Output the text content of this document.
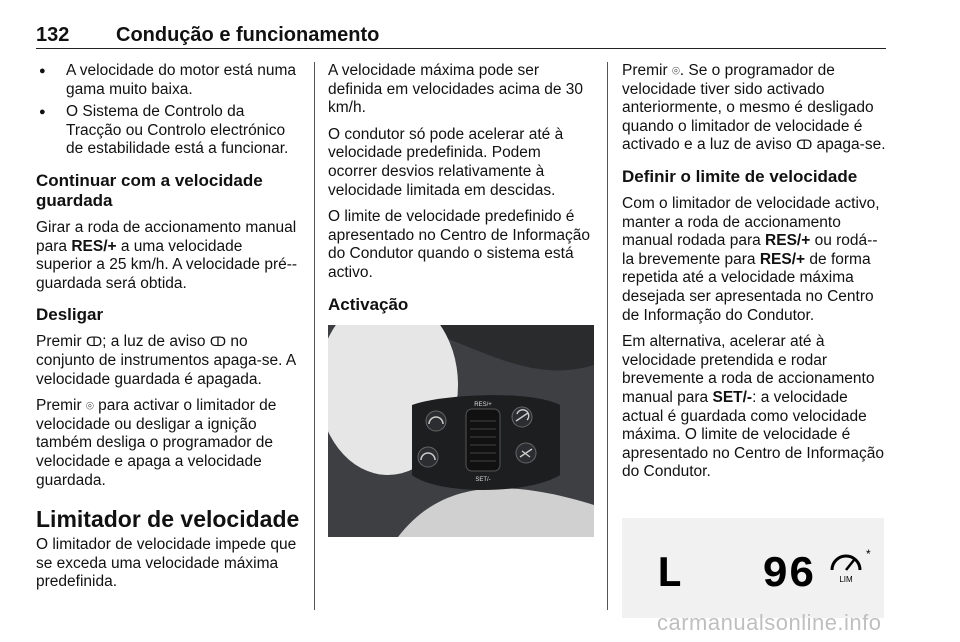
132 Condução e funcionamento
● A velocidade do motor está numa gama muito baixa.
● O Sistema de Controlo da Tracção ou Controlo electrónico de estabilidade está a funcionar.
Continuar com a velocidade guardada

Girar a roda de accionamento manual para RES/+ a uma velocidade superior a 25 km/h. A velocidade pré--guardada será obtida.

Desligar

Premir ↀ; a luz de aviso ↀ no conjunto de instrumentos apaga-se. A velocidade guardada é apagada.

Premir ⌾ para activar o limitador de velocidade ou desligar a ignição também desliga o programador de velocidade e apaga a velocidade guardada.

Limitador de velocidade

O limitador de velocidade impede que se exceda uma velocidade máxima predefinida.

A velocidade máxima pode ser definida em velocidades acima de 30 km/h.

O condutor só pode acelerar até à velocidade predefinida. Podem ocorrer desvios relativamente à velocidade limitada em descidas.

O limite de velocidade predefinido é apresentado no Centro de Informação do Condutor quando o sistema está activo.

Activação
RES/+
SET/-

Premir ⌾. Se o programador de velocidade tiver sido activado anteriormente, o mesmo é desligado quando o limitador de velocidade é activado e a luz de aviso ↀ apaga-se.

Definir o limite de velocidade

Com o limitador de velocidade activo, manter a roda de accionamento manual rodada para RES/+ ou rodá--la brevemente para RES/+ de forma repetida até a velocidade máxima desejada ser apresentada no Centro de Informação do Condutor.

Em alternativa, acelerar até à velocidade pretendida e rodar brevemente a roda de accionamento manual para SET/-: a velocidade actual é guardada como velocidade máxima. O limite de velocidade é apresentado no Centro de Informação do Condutor.

L 96	LIM
*
carmanualsonline.info
